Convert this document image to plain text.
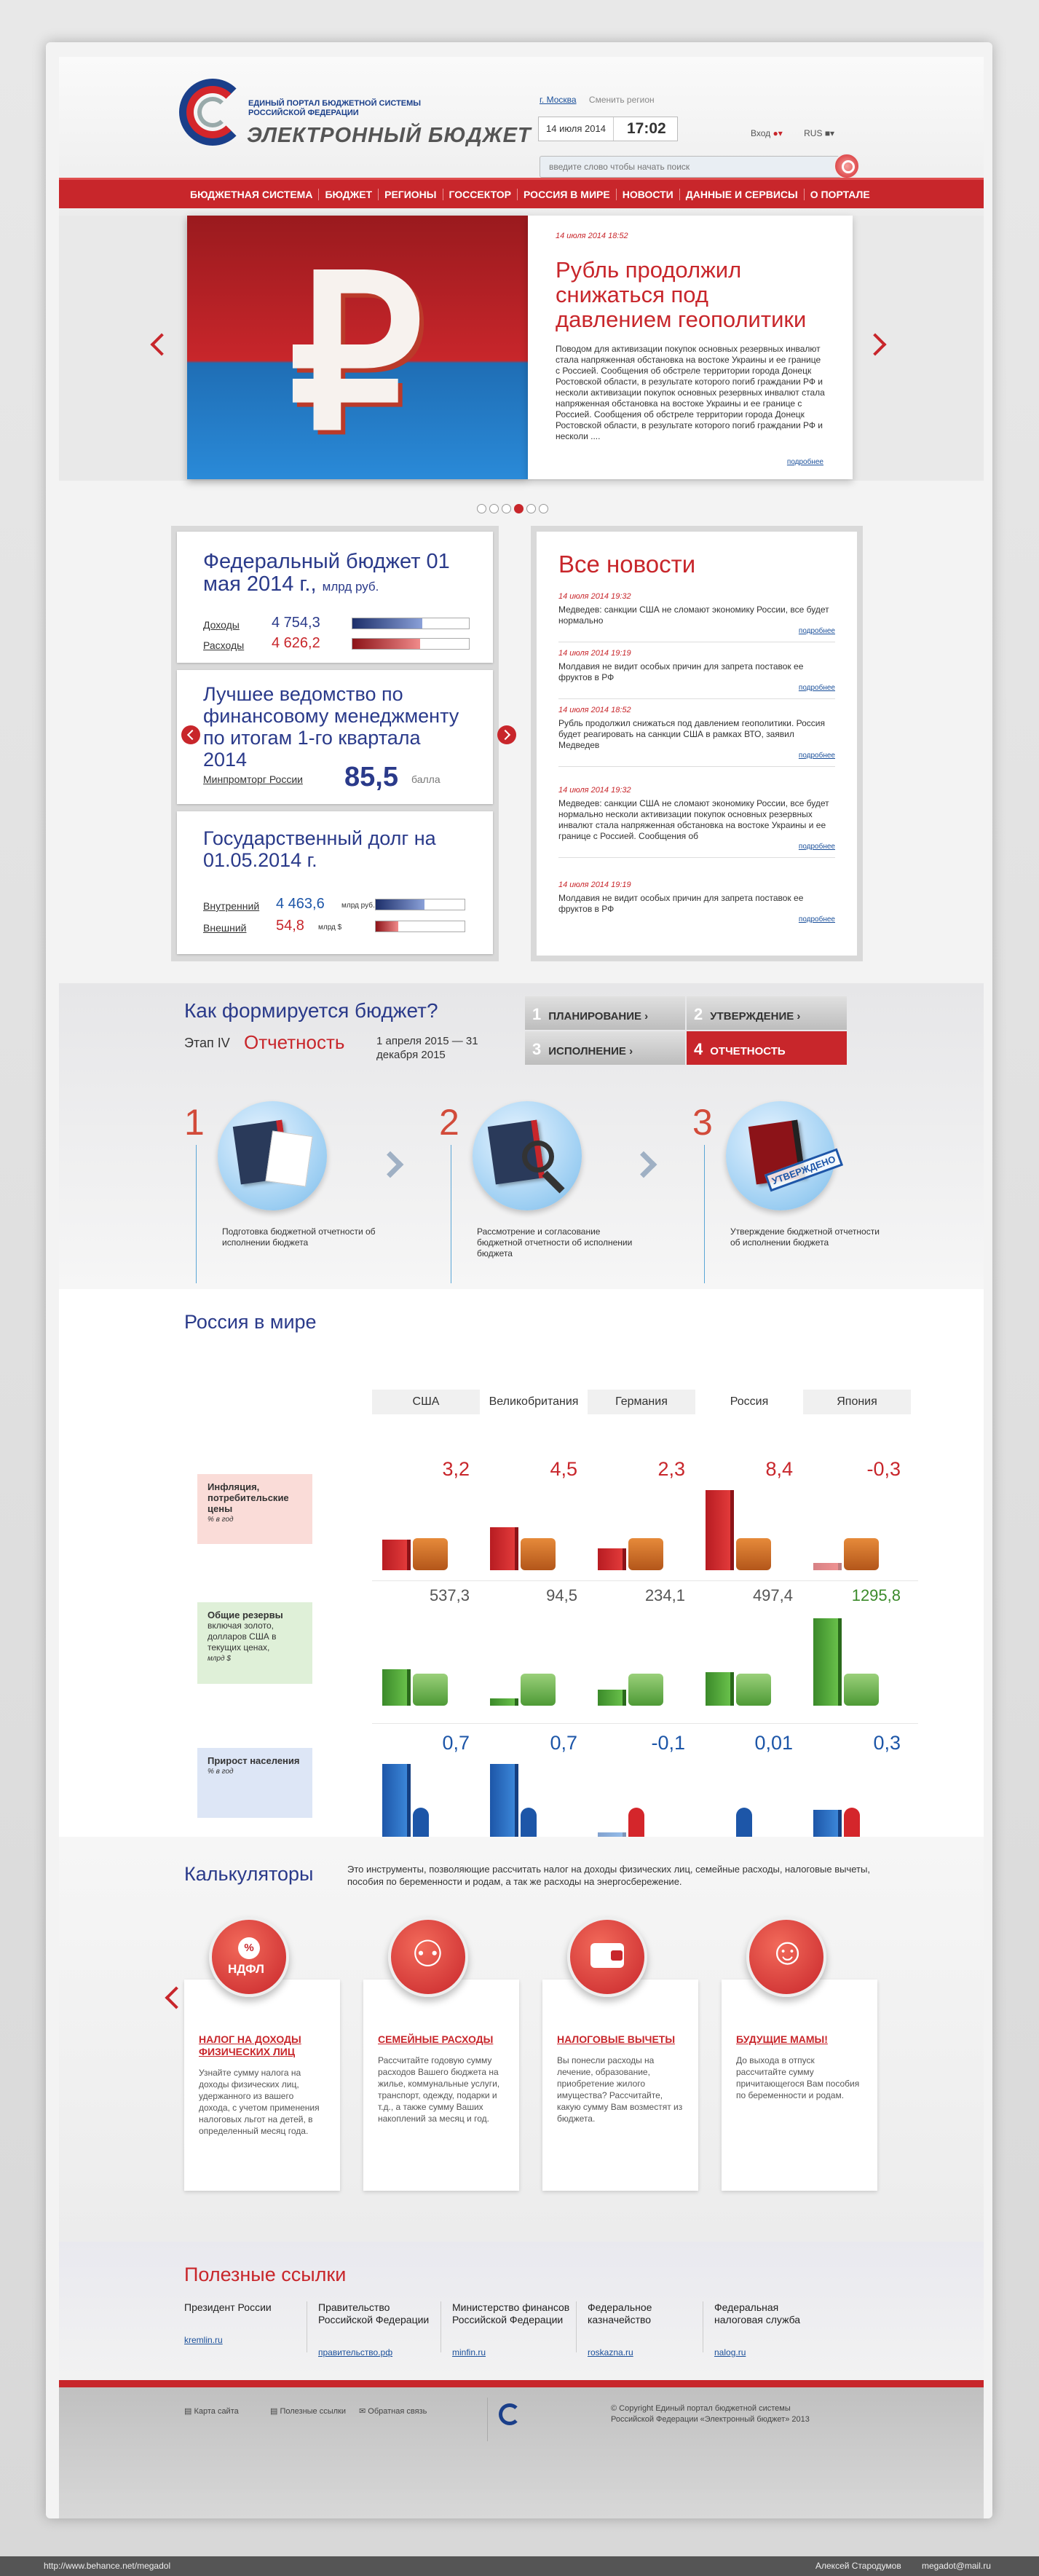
ЕДИНЫЙ ПОРТАЛ БЮДЖЕТНОЙ СИСТЕМЫ РОССИЙСКОЙ ФЕДЕРАЦИИ
ЭЛЕКТРОННЫЙ БЮДЖЕТ
г. Москва Сменить регион
14 июля 2014	17:02	Вход ●▾ RUS ■▾
введите слово чтобы начать поиск
БЮДЖЕТНАЯ СИСТЕМА	БЮДЖЕТ	РЕГИОНЫ	ГОССЕКТОР	РОССИЯ В МИРЕ	НОВОСТИ	ДАННЫЕ И СЕРВИСЫ	О ПОРТАЛЕ
₽	14 июля 2014 18:52
Рубль продолжил снижаться под давлением геополитики
Поводом для активизации покупок основных резервных инвалют стала напряженная обстановка на востоке Украины и ее границе с Россией. Сообщения об обстреле территории города Донецк Ростовской области, в результате которого погиб граждании РФ и несколи активизации покупок основных резервных инвалют стала напряженная обстановка на востоке Украины и ее границе с Россией. Сообщения об обстреле территории города Донецк Ростовской области, в результате которого погиб граждании РФ и несколи ....
подробнее
Федеральный бюджет 01 мая 2014 г., млрд руб.
Доходы 4 754,3
Расходы 4 626,2
Лучшее ведомство по финансовому менеджменту по итогам 1-го квартала 2014
Минпромторг России 85,5 балла
Государственный долг на 01.05.2014 г.
Внутренний 4 463,6 млрд руб.
Внешний 54,8 млрд $
Все новости
14 июля 2014 19:32
Медведев: санкции США не сломают экономику России, все будет нормально
подробнее
14 июля 2014 19:19
Молдавия не видит особых причин для запрета поставок ее фруктов в РФ
подробнее
14 июля 2014 18:52
Рубль продолжил снижаться под давлением геополитики. Россия будет реагировать на санкции США в рамках ВТО, заявил Медведев
подробнее
14 июля 2014 19:32
Медведев: санкции США не сломают экономику России, все будет нормально несколи активизации покупок основных резервных инвалют стала напряженная обстановка на востоке Украины и ее границе с Россией. Сообщения об
подробнее
14 июля 2014 19:19
Молдавия не видит особых причин для запрета поставок ее фруктов в РФ
подробнее
Как формируется бюджет?
Этап IV Отчетность	1 апреля 2015 — 31 декабря 2015
1 ПЛАНИРОВАНИЕ ›	2 УТВЕРЖДЕНИЕ ›
3 ИСПОЛНЕНИЕ ›	4 ОТЧЕТНОСТЬ
1
Подготовка бюджетной отчетности об исполнении бюджета
2
Рассмотрение и согласование бюджетной отчетности об исполнении бюджета
3
УТВЕРЖДЕНО
Утверждение бюджетной отчетности об исполнении бюджета
Россия в мире
США	Великобритания	Германия	Россия	Япония
Инфляция, потребительские цены
% в год
Общие резервы
включая золото, долларов США в текущих ценах,
млрд $
Прирост населения
% в год
3,2	4,5	2,3	8,4	-0,3
537,3	94,5	234,1	497,4	1295,8
0,7	0,7	-0,1	0,01	0,3
Калькуляторы	Это инструменты, позволяющие рассчитать налог на доходы физических лиц, семейные расходы, налоговые вычеты, пособия по беременности и родам, а так же расходы на энергосбережение.
НАЛОГ НА ДОХОДЫ ФИЗИЧЕСКИХ ЛИЦ
Узнайте сумму налога на доходы физических лиц, удержанного из вашего дохода, с учетом применения налоговых льгот на детей, в определенный месяц года.
НДФЛ
%
СЕМЕЙНЫЕ РАСХОДЫ
Рассчитайте годовую сумму расходов Вашего бюджета на жилье, коммунальные услуги, транспорт, одежду, подарки и т.д., а также сумму Ваших накоплений за месяц и год.
⚇
НАЛОГОВЫЕ ВЫЧЕТЫ
Вы понесли расходы на лечение, образование, приобретение жилого имущества? Рассчитайте, какую сумму Вам возместят из бюджета.
БУДУЩИЕ МАМЫ!
До выхода в отпуск рассчитайте сумму причитающегося Вам пособия по беременности и родам.
☺
Полезные ссылки
Президент России
kremlin.ru
Правительство Российской Федерации
правительство.рф
Министерство финансов Российской Федерации
minfin.ru
Федеральное казначейство
roskazna.ru
Федеральная налоговая служба
nalog.ru
▤ Карта сайта	▤ Полезные ссылки ✉ Обратная связь	© Copyright Единый портал бюджетной системы Российской Федерации «Электронный бюджет» 2013
http://www.behance.net/megadol	Алексей Стародумов megadot@mail.ru
